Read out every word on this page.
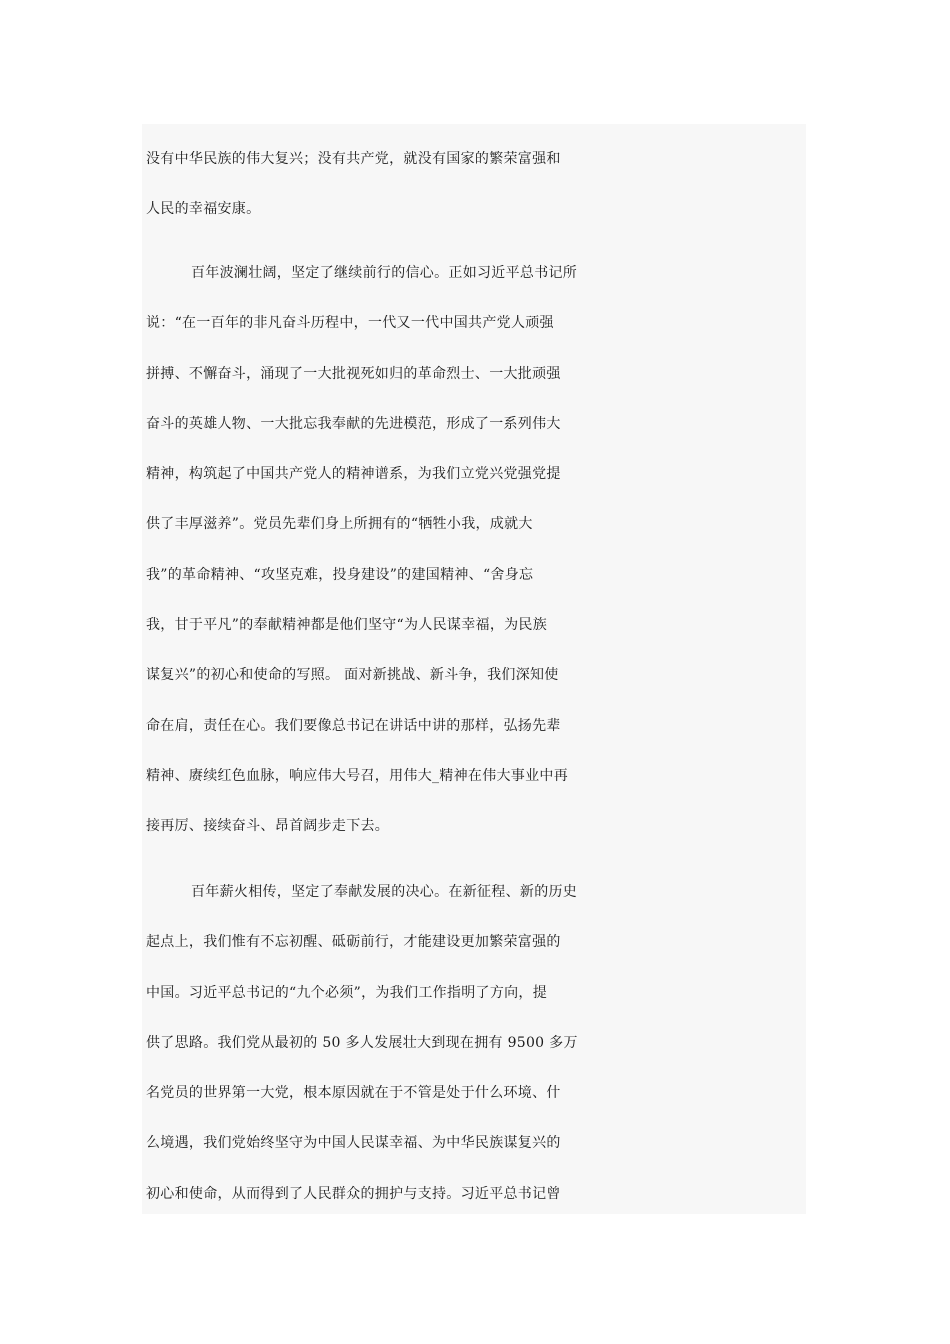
没有中华民族的伟大复兴；没有共产党，就没有国家的繁荣富强和
人民的幸福安康。
百年波澜壮阔，坚定了继续前行的信心。正如习近平总书记所
说：“在一百年的非凡奋斗历程中，一代又一代中国共产党人顽强
拼搏、不懈奋斗，涌现了一大批视死如归的革命烈士、一大批顽强
奋斗的英雄人物、一大批忘我奉献的先进模范，形成了一系列伟大
精神，构筑起了中国共产党人的精神谱系，为我们立党兴党强党提
供了丰厚滋养”。党员先辈们身上所拥有的“牺牲小我，成就大
我”的革命精神、“攻坚克难，投身建设”的建国精神、“舍身忘
我，甘于平凡”的奉献精神都是他们坚守“为人民谋幸福，为民族
谋复兴”的初心和使命的写照。 面对新挑战、新斗争，我们深知使
命在肩，责任在心。我们要像总书记在讲话中讲的那样，弘扬先辈
精神、赓续红色血脉，响应伟大号召，用伟大_精神在伟大事业中再
接再厉、接续奋斗、昂首阔步走下去。
百年薪火相传，坚定了奉献发展的决心。在新征程、新的历史
起点上，我们惟有不忘初醒、砥砺前行，才能建设更加繁荣富强的
中国。习近平总书记的“九个必须”，为我们工作指明了方向，提
供了思路。我们党从最初的 50 多人发展壮大到现在拥有 9500 多万
名党员的世界第一大党，根本原因就在于不管是处于什么环境、什
么境遇，我们党始终坚守为中国人民谋幸福、为中华民族谋复兴的
初心和使命，从而得到了人民群众的拥护与支持。习近平总书记曾
